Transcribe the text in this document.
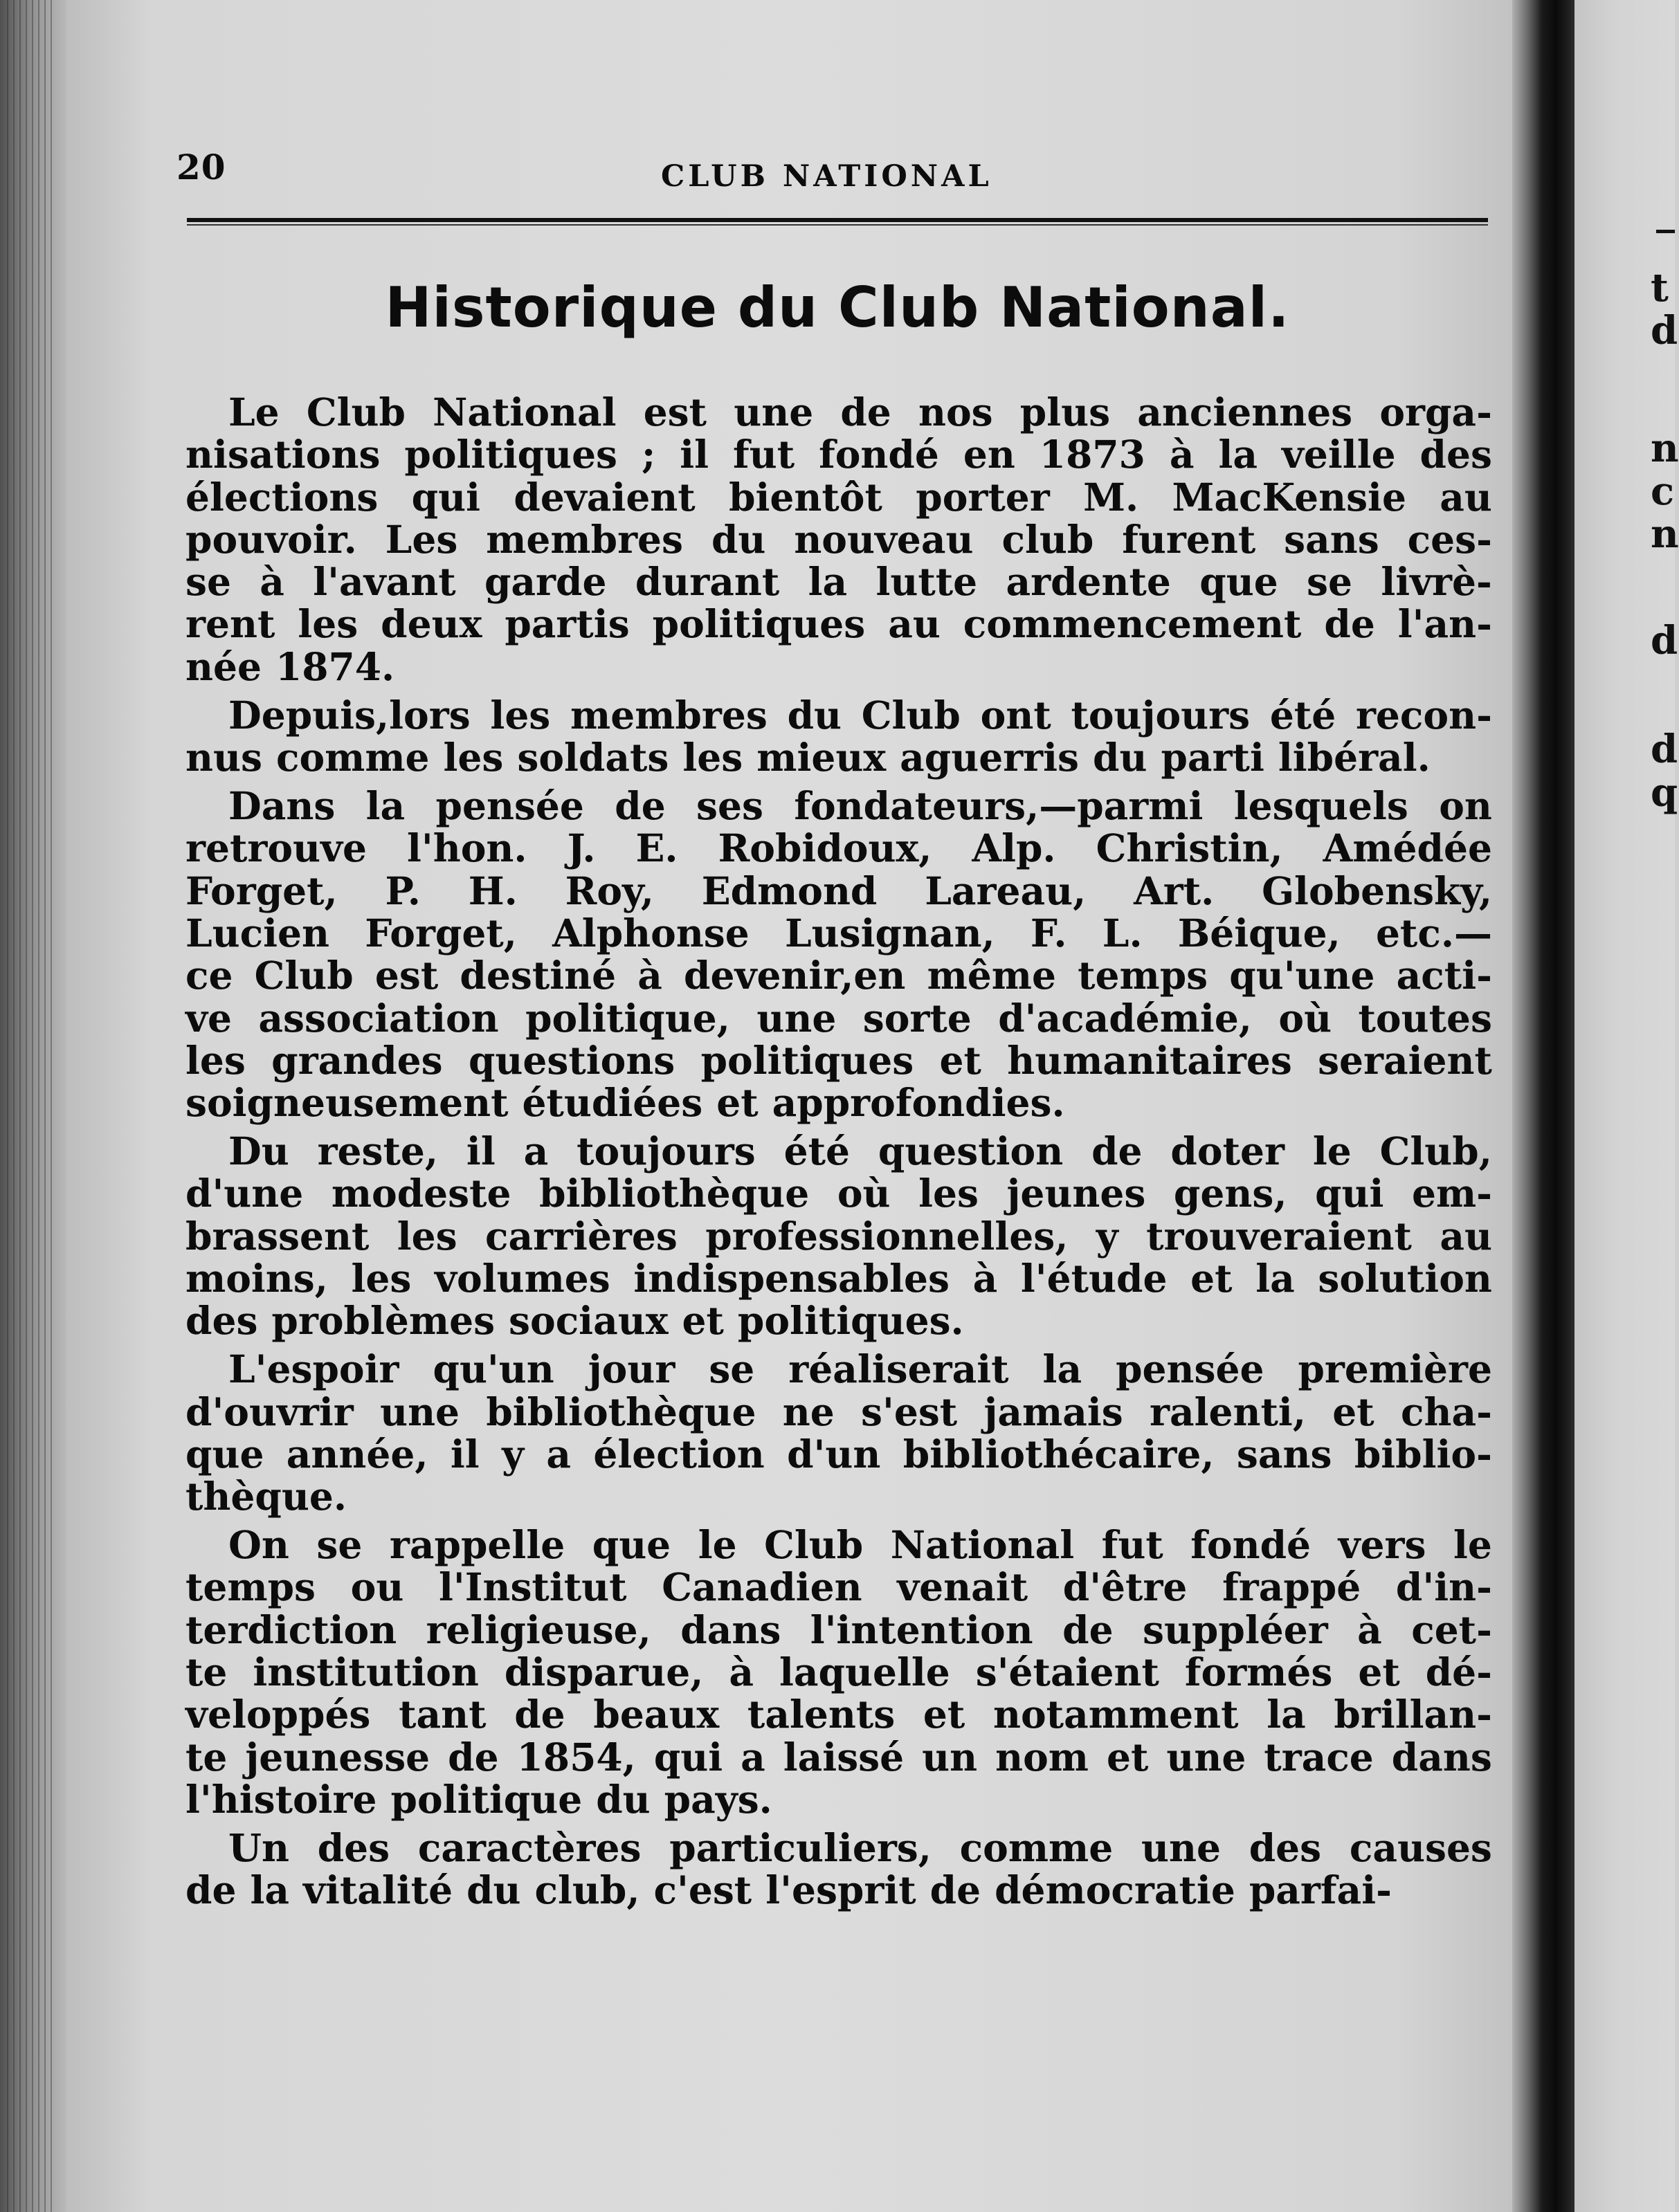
t
d
n
c
n
d
d
q
20	CLUB NATIONAL
Historique du Club National.
Le Club National est une de nos plus anciennes orga-
nisations politiques ; il fut fondé en 1873 à la veille des
élections qui devaient bientôt porter M. MacKensie au
pouvoir. Les membres du nouveau club furent sans ces-
se à l'avant garde durant la lutte ardente que se livrè-
rent les deux partis politiques au commencement de l'an-
née 1874.
Depuis,lors les membres du Club ont toujours été recon-
nus comme les soldats les mieux aguerris du parti libéral.
Dans la pensée de ses fondateurs,—parmi lesquels on
retrouve l'hon. J. E. Robidoux, Alp. Christin, Amédée
Forget, P. H. Roy, Edmond Lareau, Art. Globensky,
Lucien Forget, Alphonse Lusignan, F. L. Béique, etc.—
ce Club est destiné à devenir,en même temps qu'une acti-
ve association politique, une sorte d'académie, où toutes
les grandes questions politiques et humanitaires seraient
soigneusement étudiées et approfondies.
Du reste, il a toujours été question de doter le Club,
d'une modeste bibliothèque où les jeunes gens, qui em-
brassent les carrières professionnelles, y trouveraient au
moins, les volumes indispensables à l'étude et la solution
des problèmes sociaux et politiques.
L'espoir qu'un jour se réaliserait la pensée première
d'ouvrir une bibliothèque ne s'est jamais ralenti, et cha-
que année, il y a élection d'un bibliothécaire, sans biblio-
thèque.
On se rappelle que le Club National fut fondé vers le
temps ou l'Institut Canadien venait d'être frappé d'in-
terdiction religieuse, dans l'intention de suppléer à cet-
te institution disparue, à laquelle s'étaient formés et dé-
veloppés tant de beaux talents et notamment la brillan-
te jeunesse de 1854, qui a laissé un nom et une trace dans
l'histoire politique du pays.
Un des caractères particuliers, comme une des causes
de la vitalité du club, c'est l'esprit de démocratie parfai-
